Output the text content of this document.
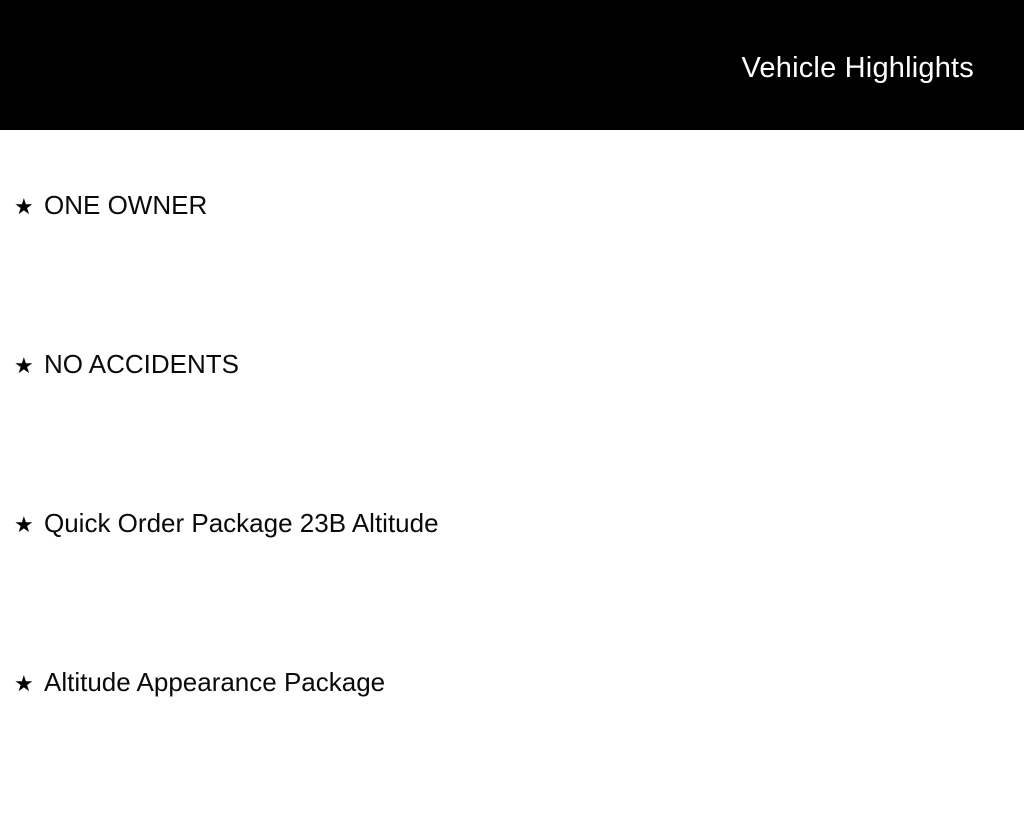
Vehicle Highlights
★ ONE OWNER
★ NO ACCIDENTS
★ Quick Order Package 23B Altitude
★ Altitude Appearance Package
